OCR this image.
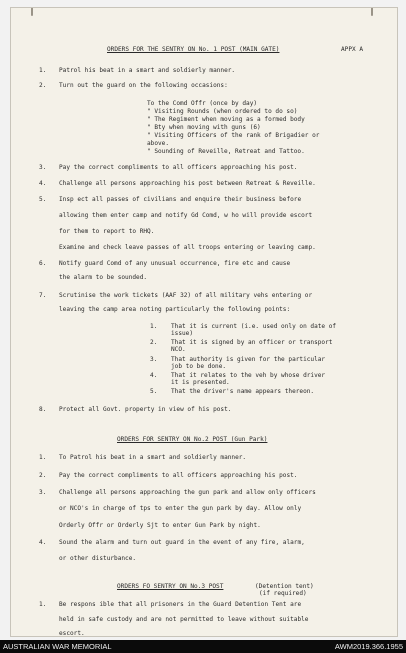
ORDERS FOR THE SENTRY ON No. 1 POST (MAIN GATE)	APPX A
1. Patrol his beat in a smart and soldierly manner.
2. Turn out the guard on the following occasions:
To the Comd Offr (once by day)
" Visiting Rounds (when ordered to do so)
" The Regiment when moving as a formed body
" Bty when moving with guns (6)
" Visiting Officers of the rank of Brigadier or
above.
" Sounding of Reveille, Retreat and Tattoo.
3. Pay the correct compliments to all officers approaching his post.
4. Challenge all persons approaching his post between Retreat & Reveille.
5. Insp ect all passes of civilians and enquire their business before
allowing them enter camp and notify Gd Comd, w ho will provide escort
for them to report to RHQ.
Examine and check leave passes of all troops entering or leaving camp.
6. Notify guard Comd of any unusual occurrence, fire etc and cause
the alarm to be sounded.
7. Scrutinise the work tickets (AAF 32) of all military vehs entering or
leaving the camp area noting particularly the following points:
1. That it is current (i.e. used only on date of
issue)
2. That it is signed by an officer or transport
NCO.
3. That authority is given for the particular
job to be done.
4. That it relates to the veh by whose driver
it is presented.
5. That the driver's name appears thereon.
8. Protect all Govt. property in view of his post.
ORDERS FOR SENTRY ON No.2 POST (Gun Park)
1. To Patrol his beat in a smart and soldierly manner.
2. Pay the correct compliments to all officers approaching his post.
3. Challenge all persons approaching the gun park and allow only officers
or NCO's in charge of tps to enter the gun park by day. Allow only
Orderly Offr or Orderly Sjt to enter Gun Park by night.
4. Sound the alarm and turn out guard in the event of any fire, alarm,
or other disturbance.
ORDERS FO SENTRY ON No.3 POST	(Detention tent)
(if required)
1. Be respons ible that all prisoners in the Guard Detention Tent are
held in safe custody and are not permitted to leave without suitable
escort.
AUSTRALIAN WAR MEMORIAL	AWM2019.366.1955
